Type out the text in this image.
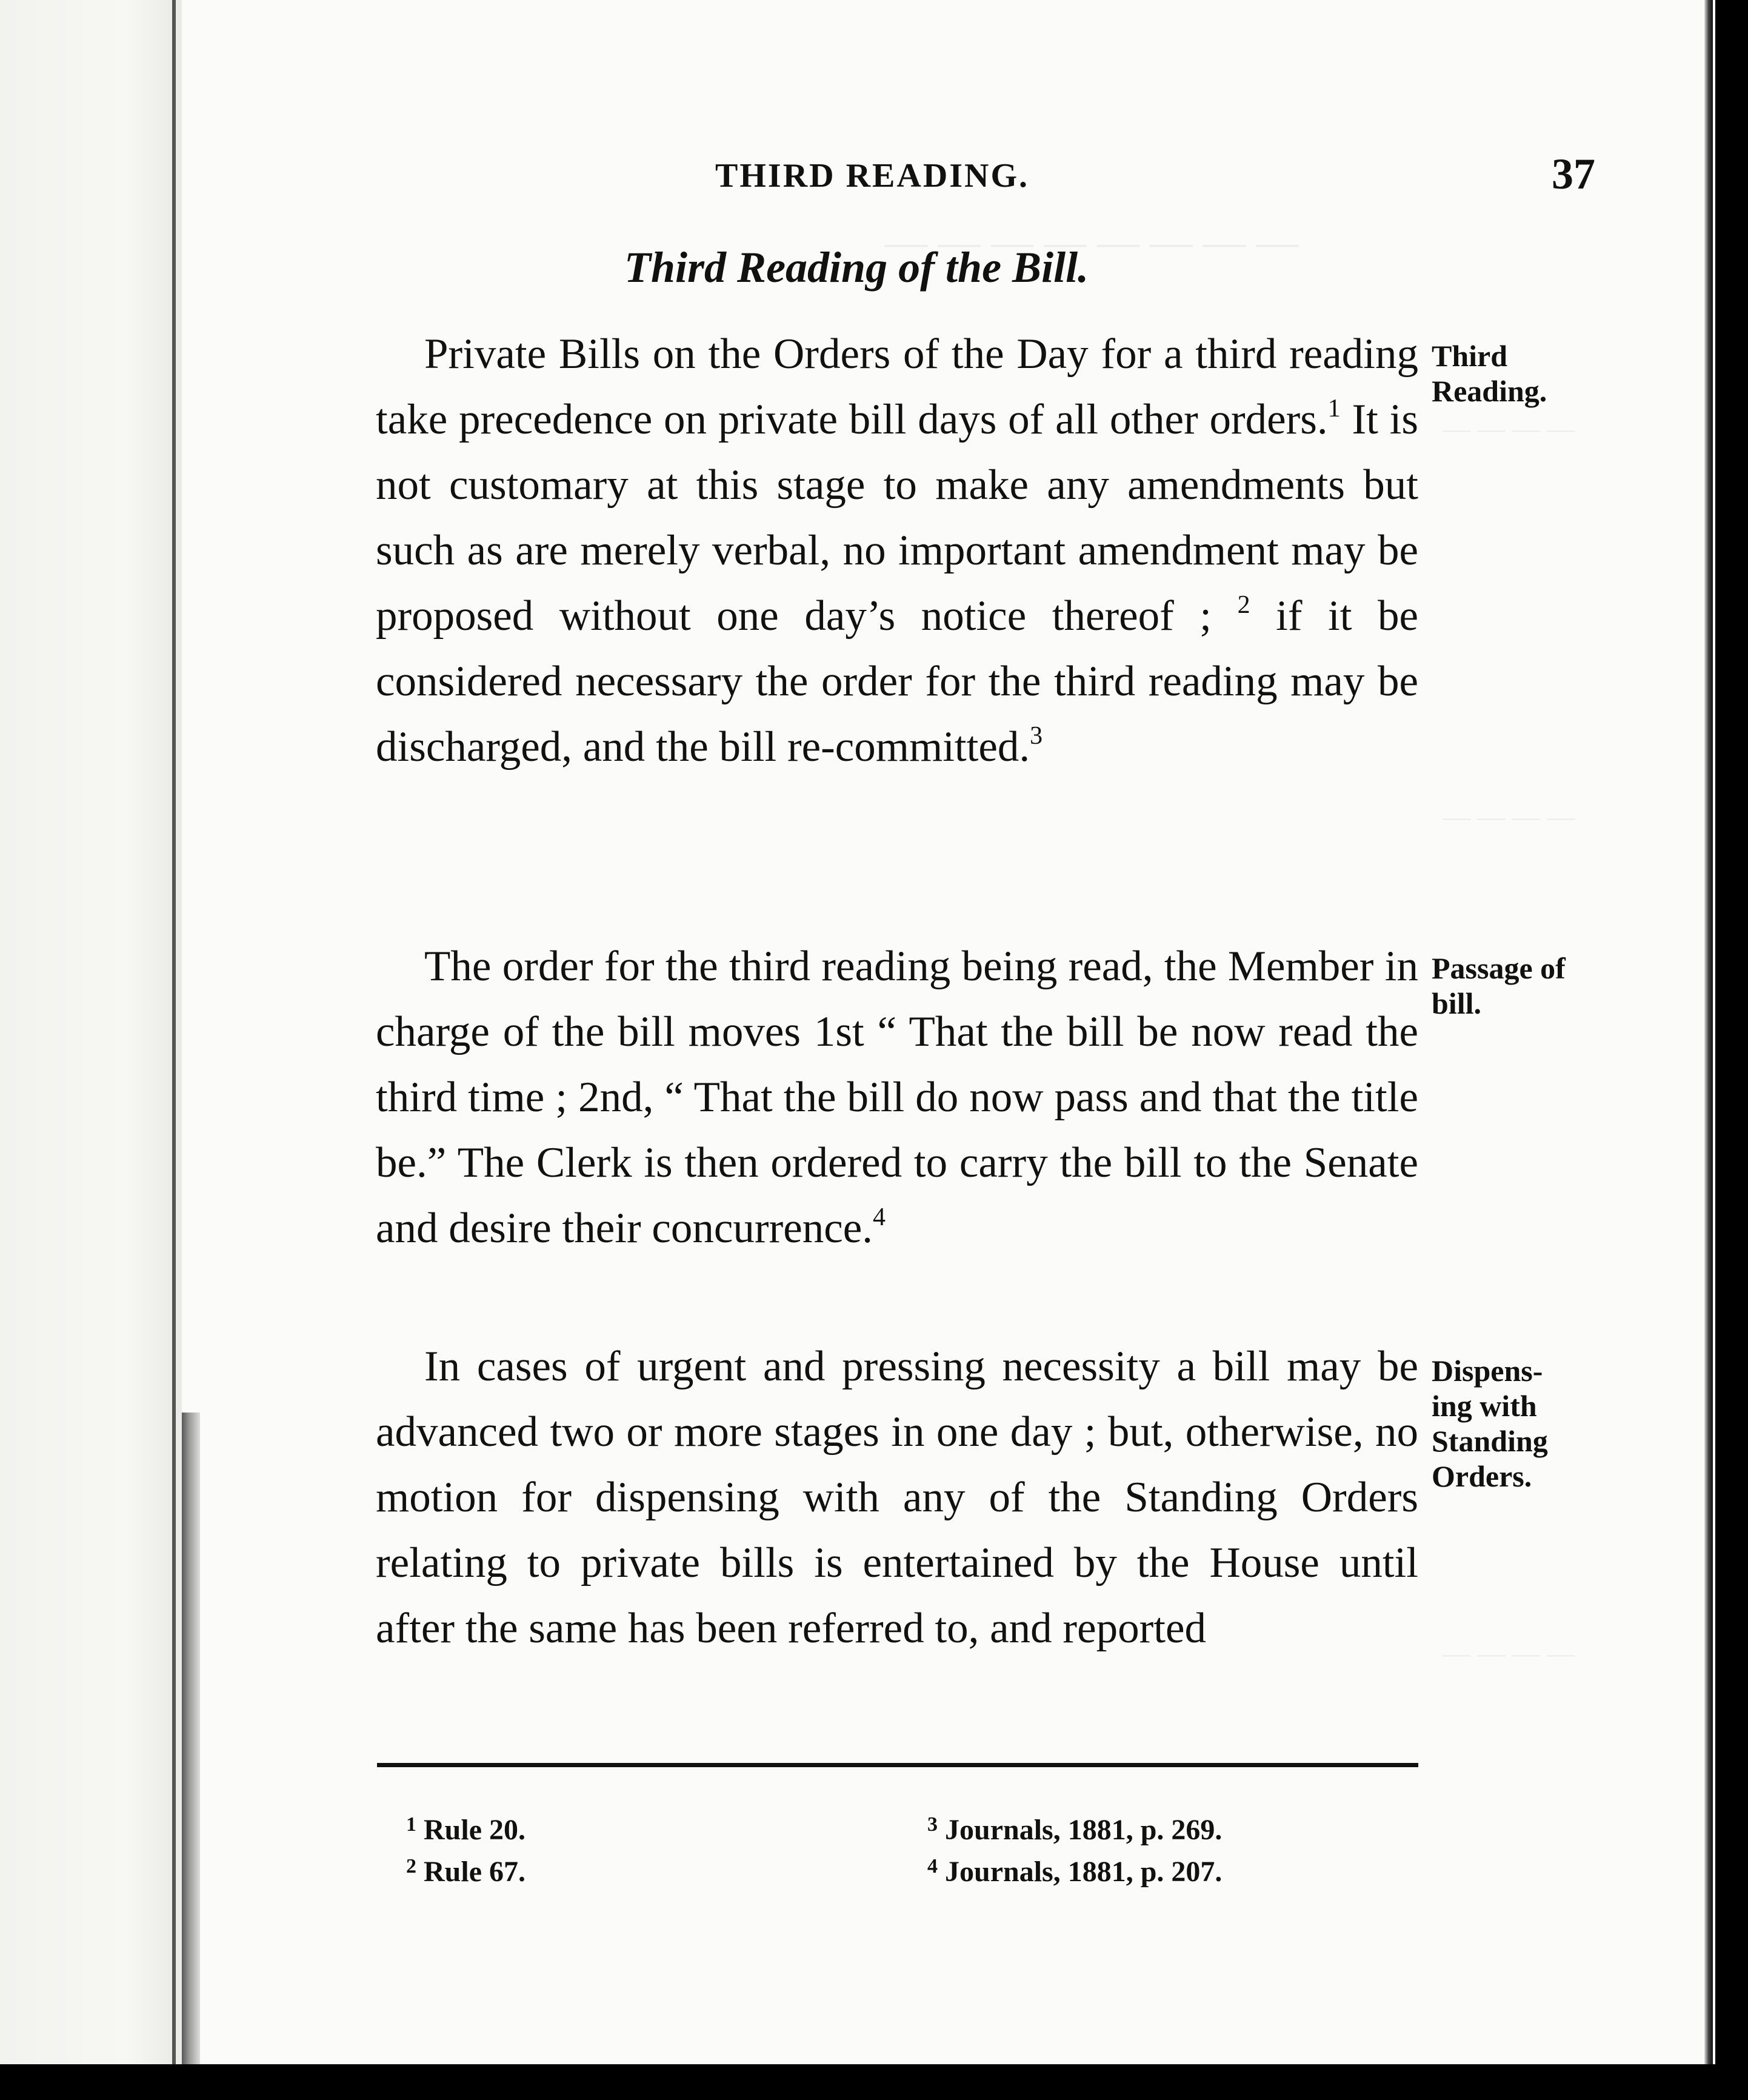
— — — — — — — —
— — — —
— — — —
— — — —
THIRD READING.	37
Third Reading of the Bill.
Private Bills on the Orders of the Day for a third reading take precedence on private bill days of all other orders.$^1$ It is not customary at this stage to make any amendments but such as are merely verbal, no important amendment may be proposed without one day’s notice thereof ; $^2$ if it be considered necessary the order for the third reading may be discharged, and the bill re-committed.$^3$
The order for the third reading being read, the Member in charge of the bill moves 1st “ That the bill be now read the third time ; 2nd, “ That the bill do now pass and that the title be.” The Clerk is then ordered to carry the bill to the Senate and desire their concurrence.$^4$
In cases of urgent and pressing necessity a bill may be advanced two or more stages in one day ; but, otherwise, no motion for dispensing with any of the Standing Orders relating to private bills is entertained by the House until after the same has been referred to, and reported
Third
Reading.
Passage of
bill.
Dispens-
ing with
Standing
Orders.
$^1$ Rule 20.
$^2$ Rule 67.
$^3$ Journals, 1881, p. 269.
$^4$ Journals, 1881, p. 207.
